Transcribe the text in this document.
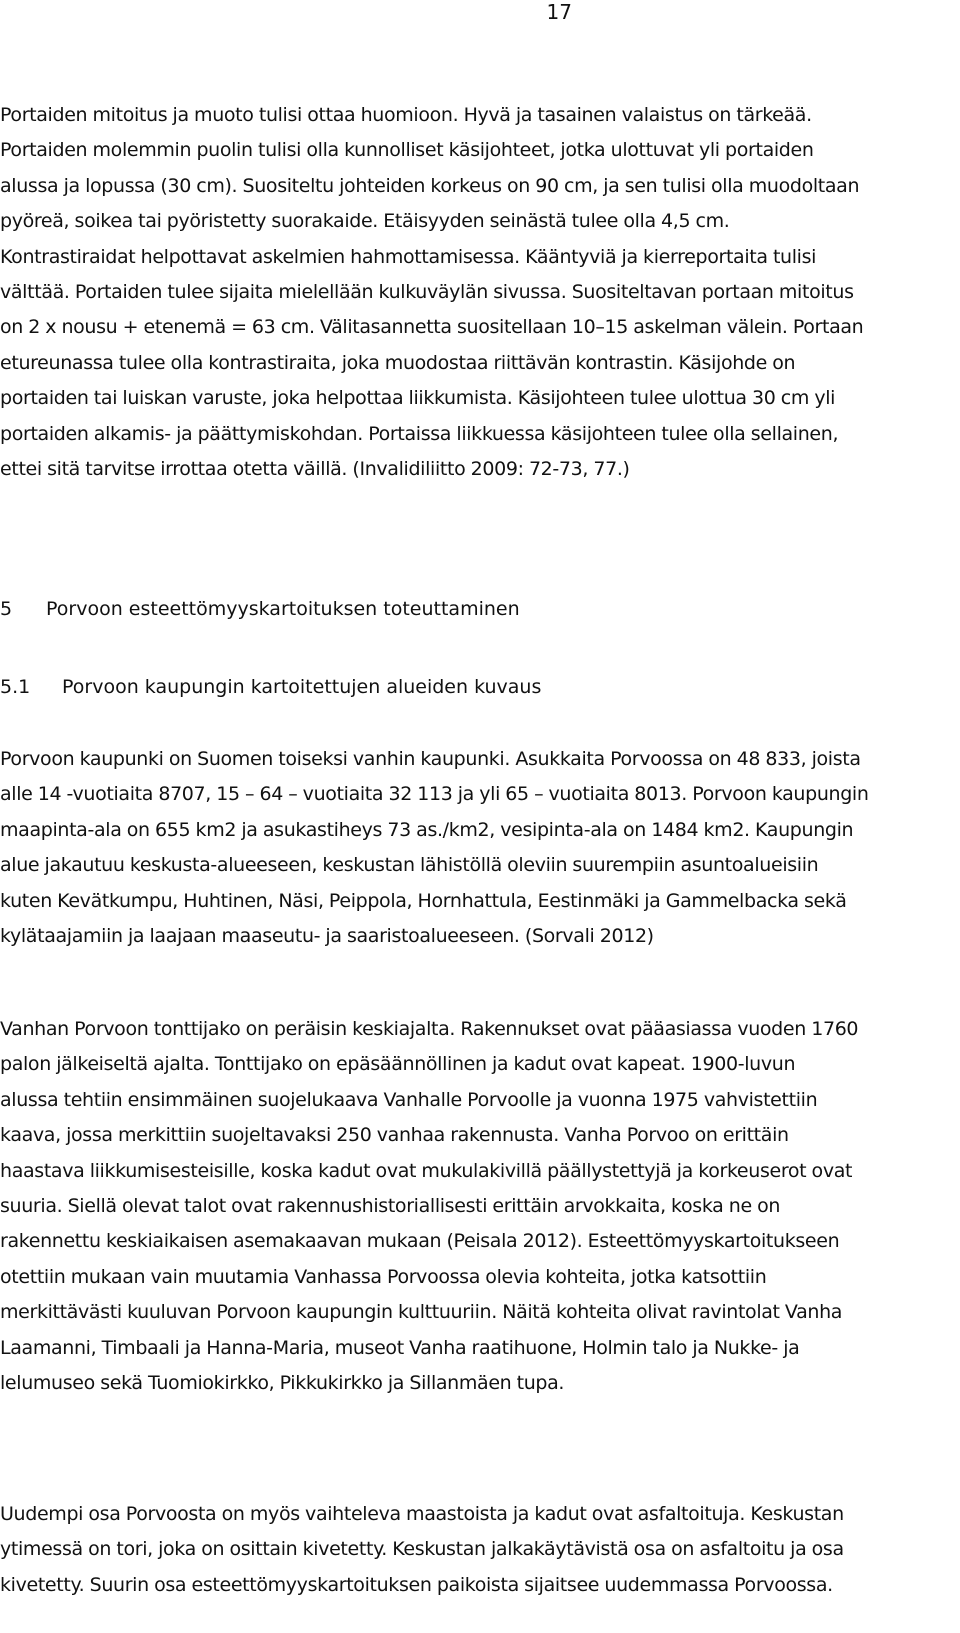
17

Portaiden mitoitus ja muoto tulisi ottaa huomioon. Hyvä ja tasainen valaistus on tärkeää.
Portaiden molemmin puolin tulisi olla kunnolliset käsijohteet, jotka ulottuvat yli portaiden
alussa ja lopussa (30 cm). Suositeltu johteiden korkeus on 90 cm, ja sen tulisi olla muodoltaan
pyöreä, soikea tai pyöristetty suorakaide. Etäisyyden seinästä tulee olla 4,5 cm.
Kontrastiraidat helpottavat askelmien hahmottamisessa. Kääntyviä ja kierreportaita tulisi
välttää. Portaiden tulee sijaita mielellään kulkuväylän sivussa. Suositeltavan portaan mitoitus
on 2 x nousu + etenemä = 63 cm. Välitasannetta suositellaan 10–15 askelman välein. Portaan
etureunassa tulee olla kontrastiraita, joka muodostaa riittävän kontrastin. Käsijohde on
portaiden tai luiskan varuste, joka helpottaa liikkumista. Käsijohteen tulee ulottua 30 cm yli
portaiden alkamis- ja päättymiskohdan. Portaissa liikkuessa käsijohteen tulee olla sellainen,
ettei sitä tarvitse irrottaa otetta väillä. (Invalidiliitto 2009: 72-73, 77.)

5 Porvoon esteettömyyskartoituksen toteuttaminen
5.1 Porvoon kaupungin kartoitettujen alueiden kuvaus

Porvoon kaupunki on Suomen toiseksi vanhin kaupunki. Asukkaita Porvoossa on 48 833, joista
alle 14 -vuotiaita 8707, 15 – 64 – vuotiaita 32 113 ja yli 65 – vuotiaita 8013. Porvoon kaupungin
maapinta-ala on 655 km2 ja asukastiheys 73 as./km2, vesipinta-ala on 1484 km2. Kaupungin
alue jakautuu keskusta-alueeseen, keskustan lähistöllä oleviin suurempiin asuntoalueisiin
kuten Kevätkumpu, Huhtinen, Näsi, Peippola, Hornhattula, Eestinmäki ja Gammelbacka sekä
kylätaajamiin ja laajaan maaseutu- ja saaristoalueeseen. (Sorvali 2012)

Vanhan Porvoon tonttijako on peräisin keskiajalta. Rakennukset ovat pääasiassa vuoden 1760
palon jälkeiseltä ajalta. Tonttijako on epäsäännöllinen ja kadut ovat kapeat. 1900-luvun
alussa tehtiin ensimmäinen suojelukaava Vanhalle Porvoolle ja vuonna 1975 vahvistettiin
kaava, jossa merkittiin suojeltavaksi 250 vanhaa rakennusta. Vanha Porvoo on erittäin
haastava liikkumisesteisille, koska kadut ovat mukulakivillä päällystettyjä ja korkeuserot ovat
suuria. Siellä olevat talot ovat rakennushistoriallisesti erittäin arvokkaita, koska ne on
rakennettu keskiaikaisen asemakaavan mukaan (Peisala 2012). Esteettömyyskartoitukseen
otettiin mukaan vain muutamia Vanhassa Porvoossa olevia kohteita, jotka katsottiin
merkittävästi kuuluvan Porvoon kaupungin kulttuuriin. Näitä kohteita olivat ravintolat Vanha
Laamanni, Timbaali ja Hanna-Maria, museot Vanha raatihuone, Holmin talo ja Nukke- ja
lelumuseo sekä Tuomiokirkko, Pikkukirkko ja Sillanmäen tupa.

Uudempi osa Porvoosta on myös vaihteleva maastoista ja kadut ovat asfaltoituja. Keskustan
ytimessä on tori, joka on osittain kivetetty. Keskustan jalkakäytävistä osa on asfaltoitu ja osa
kivetetty. Suurin osa esteettömyyskartoituksen paikoista sijaitsee uudemmassa Porvoossa.
